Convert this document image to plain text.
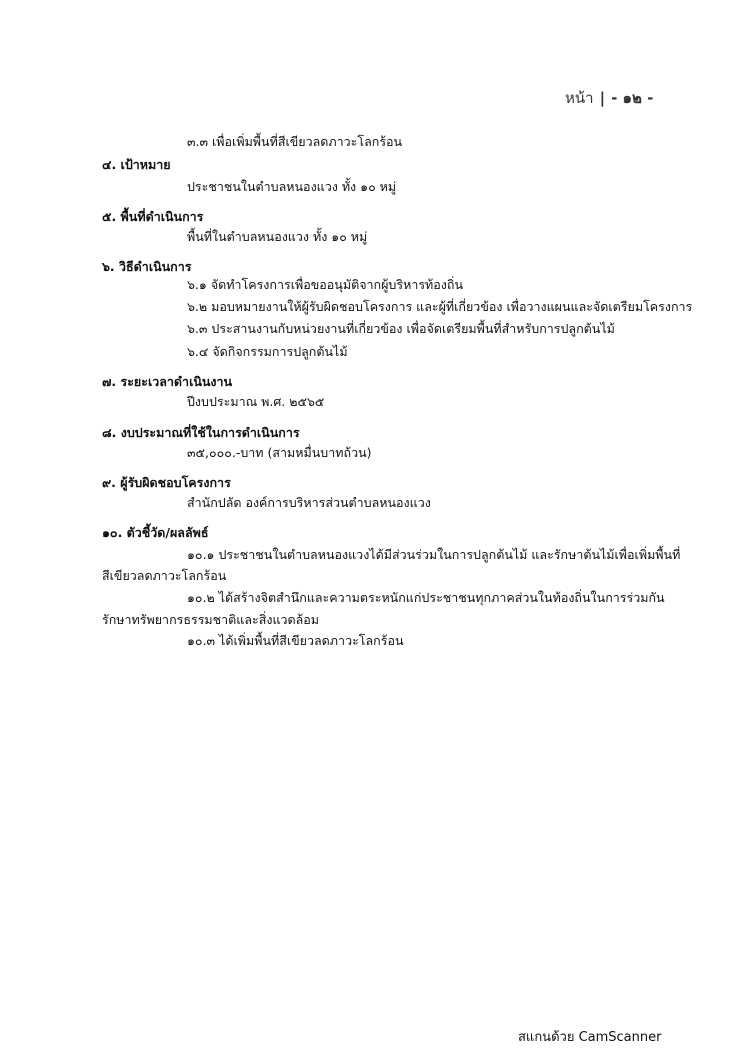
หน้า | - ๑๒ -
๓.๓ เพื่อเพิ่มพื้นที่สีเขียวลดภาวะโลกร้อน
๔. เป้าหมาย
ประชาชนในตำบลหนองแวง ทั้ง ๑๐ หมู่
๕. พื้นที่ดำเนินการ
พื้นที่ในตำบลหนองแวง ทั้ง ๑๐ หมู่
๖. วิธีดำเนินการ
๖.๑ จัดทำโครงการเพื่อขออนุมัติจากผู้บริหารท้องถิ่น
๖.๒ มอบหมายงานให้ผู้รับผิดชอบโครงการ และผู้ที่เกี่ยวข้อง เพื่อวางแผนและจัดเตรียมโครงการ
๖.๓ ประสานงานกับหน่วยงานที่เกี่ยวข้อง เพื่อจัดเตรียมพื้นที่สำหรับการปลูกต้นไม้
๖.๔ จัดกิจกรรมการปลูกต้นไม้
๗. ระยะเวลาดำเนินงาน
ปีงบประมาณ พ.ศ. ๒๕๖๕
๘. งบประมาณที่ใช้ในการดำเนินการ
๓๕,๐๐๐.-บาท (สามหมื่นบาทถ้วน)
๙. ผู้รับผิดชอบโครงการ
สำนักปลัด องค์การบริหารส่วนตำบลหนองแวง
๑๐. ตัวชี้วัด/ผลลัพธ์
๑๐.๑ ประชาชนในตำบลหนองแวงได้มีส่วนร่วมในการปลูกต้นไม้ และรักษาต้นไม้เพื่อเพิ่มพื้นที่
สีเขียวลดภาวะโลกร้อน
๑๐.๒ ได้สร้างจิตสำนึกและความตระหนักแก่ประชาชนทุกภาคส่วนในท้องถิ่นในการร่วมกัน
รักษาทรัพยากรธรรมชาติและสิ่งแวดล้อม
๑๐.๓ ได้เพิ่มพื้นที่สีเขียวลดภาวะโลกร้อน
สแกนด้วย CamScanner
